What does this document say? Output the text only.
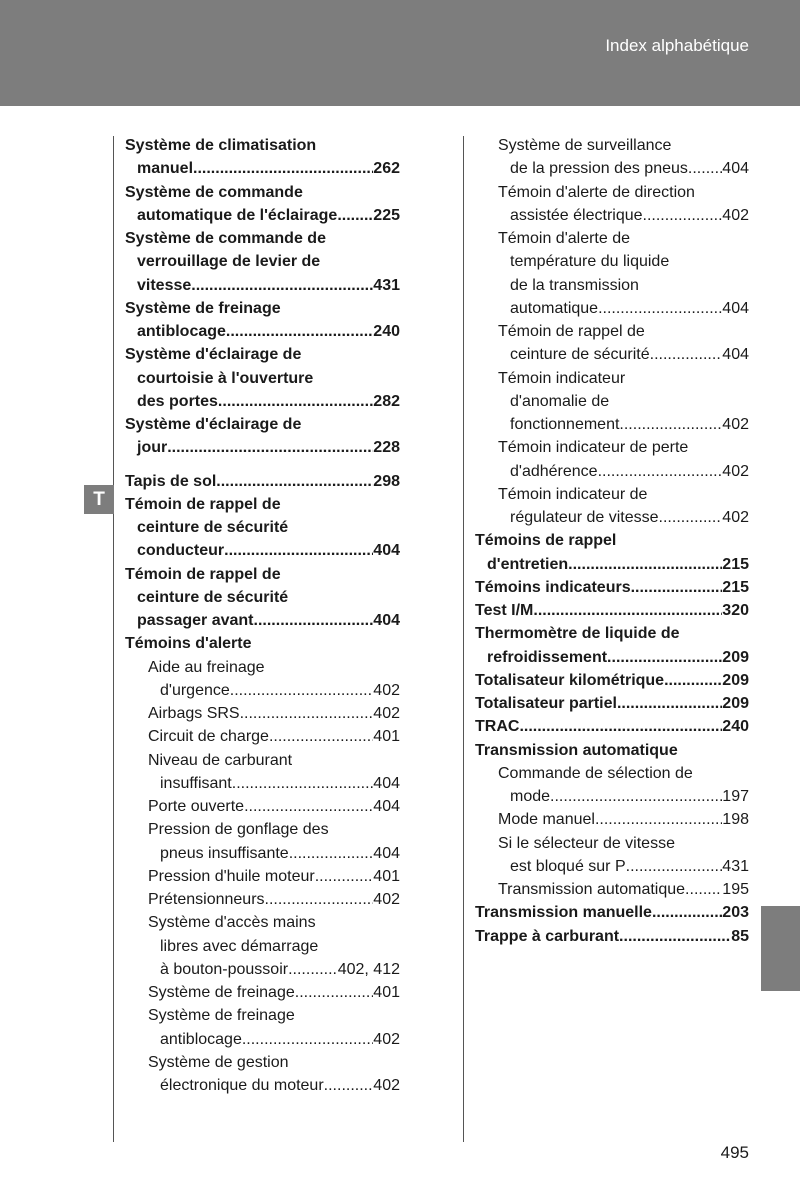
Index alphabétique
T
Système de climatisation
manuel .....	262
Système de commande
automatique de l'éclairage ..... 225
Système de commande de
verrouillage de levier de
vitesse .....	431
Système de freinage
antiblocage .....	240
Système d'éclairage de
courtoisie à l'ouverture
des portes .....	282
Système d'éclairage de
jour .....	228
Tapis de sol .....	298
Témoin de rappel de
ceinture de sécurité
conducteur .....	404
Témoin de rappel de
ceinture de sécurité
passager avant .....	404
Témoins d'alerte
Aide au freinage
d'urgence .....	402
Airbags SRS .....	402
Circuit de charge .....	401
Niveau de carburant
insuffisant .....	404
Porte ouverte .....	404
Pression de gonflage des
pneus insuffisante .....	404
Pression d'huile moteur .....	401
Prétensionneurs .....	402
Système d'accès mains
libres avec démarrage
à bouton-poussoir .....	402, 412
Système de freinage .....	401
Système de freinage
antiblocage .....	402
Système de gestion
électronique du moteur .....	402
Système de surveillance
de la pression des pneus ..... 404
Témoin d'alerte de direction
assistée électrique .....	402
Témoin d'alerte de
température du liquide
de la transmission
automatique .....	404
Témoin de rappel de
ceinture de sécurité .....	404
Témoin indicateur
d'anomalie de
fonctionnement .....	402
Témoin indicateur de perte
d'adhérence .....	402
Témoin indicateur de
régulateur de vitesse .....	402
Témoins de rappel
d'entretien .....	215
Témoins indicateurs .....	215
Test I/M .....	320
Thermomètre de liquide de
refroidissement .....	209
Totalisateur kilométrique .....	209
Totalisateur partiel .....	209
TRAC .....	240
Transmission automatique
Commande de sélection de
mode .....	197
Mode manuel .....	198
Si le sélecteur de vitesse
est bloqué sur P .....	431
Transmission automatique ..... 195
Transmission manuelle .....	203
Trappe à carburant .....	85
495
